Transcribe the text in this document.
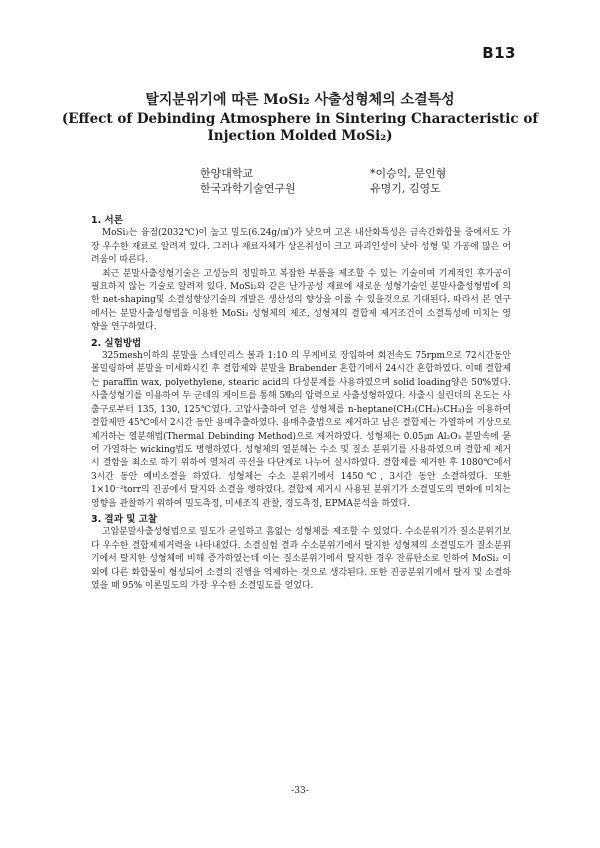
B13
탈지분위기에 따른 MoSi₂ 사출성형체의 소결특성
(Effect of Debinding Atmosphere in Sintering Characteristic of
Injection Molded MoSi₂)
한양대학교	*이승익, 문인형
한국과학기술연구원	유명기, 김영도
1. 서론

MoSi₂는 융점(2032℃)이 높고 밀도(6.24g/㎤)가 낮으며 고온 내산화특성은 금속간화합물 중에서도 가장 우수한 재료로 알려져 있다. 그러나 재료자체가 상온취성이 크고 파괴인성이 낮아 성형 및 가공에 많은 어려움이 따른다.

최근 분말사출성형기술은 고성능의 정밀하고 복잡한 부품을 제조할 수 있는 기술이며 기계적인 후가공이 필요하지 않는 기술로 알려져 있다. MoSi₂와 같은 난가공성 재료에 새로운 성형기술인 분말사출성형법에 의한 net-shaping및 소결성향상기술의 개발은 생산성의 향상을 이룰 수 있을것으로 기대된다. 따라서 본 연구에서는 분말사출성형법을 이용한 MoSi₂ 성형체의 제조, 성형체의 결합제 제거조건이 소결특성에 미치는 영향을 연구하였다.

2. 실험방법

325mesh이하의 분말을 스테인리스 볼과 1:10 의 무게비로 장입하여 회전속도 75rpm으로 72시간동안 볼밀링하여 분말을 미세화시킨 후 결합제와 분말을 Brabender 혼합기에서 24시간 혼합하였다. 이때 결합제는 paraffin wax, polyethylene, stearic acid의 다성분계를 사용하였으며 solid loading양은 50%였다. 사출성형기를 이용하여 두 군데의 게이트를 통해 5㎫의 압력으로 사출성형하였다. 사출시 실린더의 온도는 사출구로부터 135, 130, 125℃였다. 고압사출하여 얻은 성형체를 n-heptane(CH₃(CH₂)₅CH₃)을 이용하여 결합제만 45℃에서 2시간 동안 용매추출하였다. 용매추출법으로 제거하고 남은 결합제는 가열하여 기상으로 제거하는 열분해법(Thermal Debinding Method)으로 제거하였다. 성형체는 0.05㎛ Al₂O₃ 분말속에 묻어 가열하는 wicking법도 병행하였다. 성형체의 열분해는 수소 및 질소 분위기를 사용하였으며 결합제 제거시 결함을 최소로 하기 위하여 열처리 곡선을 다단계로 나누어 실시하였다. 결합제를 제거한 후 1080℃에서 3시간 동안 예비소결을 하였다. 성형체는 수소 분위기에서 1450℃, 3시간 동안 소결하였다. 또한 1×10⁻²torr의 진공에서 탈지와 소결을 행하였다. 결합제 제거시 사용된 분위기가 소결밀도의 변화에 미치는 영향을 관찰하기 위하여 밀도측정, 미세조직 관찰, 경도측정, EPMA분석을 하였다.

3. 결과 및 고찰

고압분말사출성형법으로 밀도가 균일하고 흠없는 성형체를 제조할 수 있었다. 수소분위기가 질소분위기보다 우수한 결합제제거력을 나타내었다. 소결실험 결과 수소분위기에서 탈지한 성형체의 소결밀도가 질소분위기에서 탈지한 성형체에 비해 증가하였는데 이는 질소분위기에서 탈지한 경우 잔류탄소로 인하여 MoSi₂ 이외에 다른 화합물이 형성되어 소결의 진행을 억제하는 것으로 생각된다. 또한 진공분위기에서 탈지 및 소결하였을 때 95% 이론밀도의 가장 우수한 소결밀도를 얻었다.

-33-
